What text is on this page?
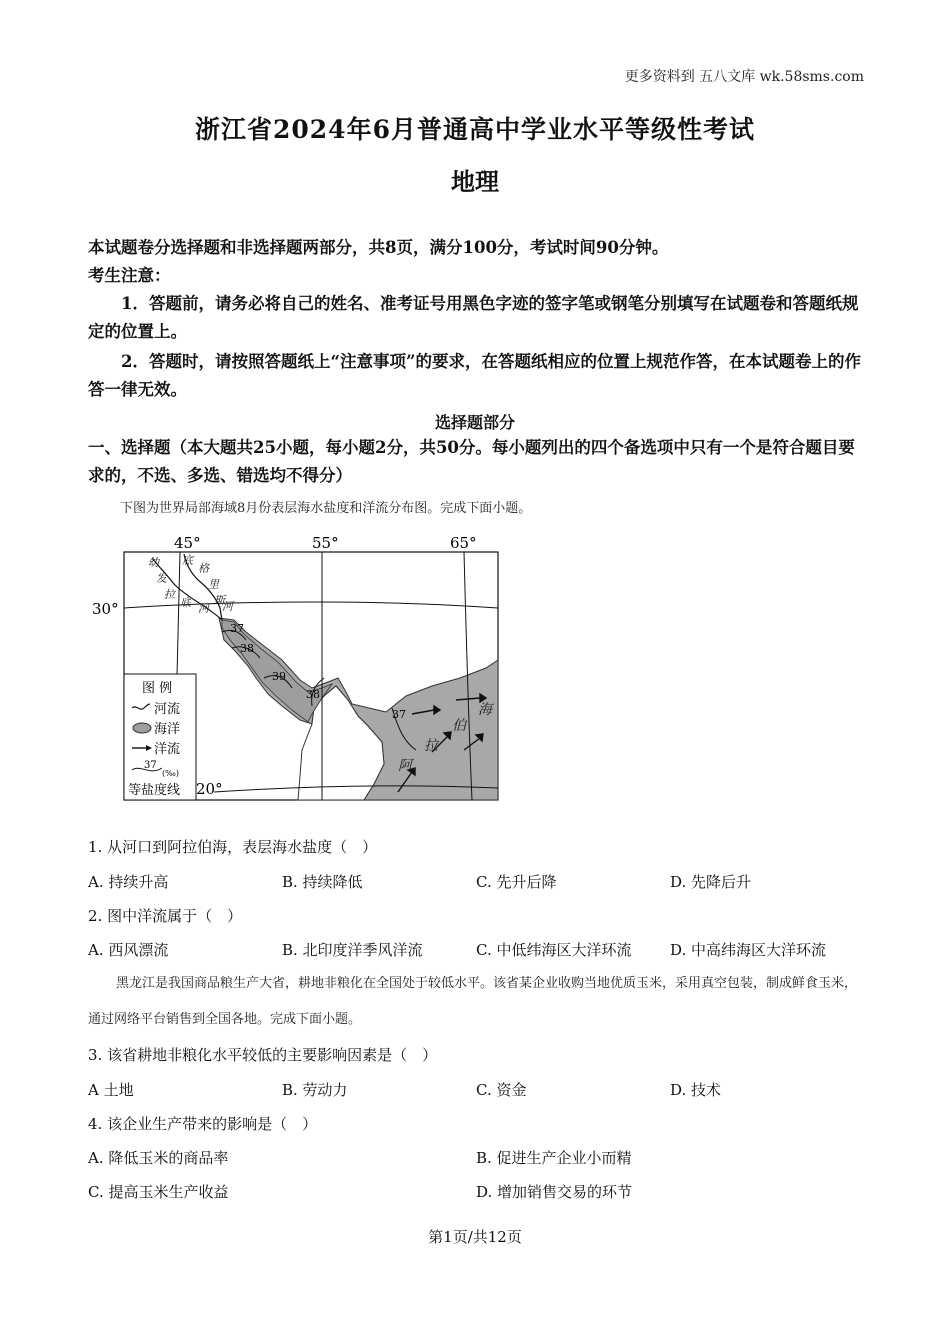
更多资料到 五八文库 wk.58sms.com
浙江省2024年6月普通高中学业水平等级性考试
地理
本试题卷分选择题和非选择题两部分，共8页，满分100分，考试时间90分钟。
考生注意：
1．答题前，请务必将自己的姓名、准考证号用黑色字迹的签字笔或钢笔分别填写在试题卷和答题纸规定的位置上。
2．答题时，请按照答题纸上“注意事项”的要求，在答题纸相应的位置上规范作答，在本试题卷上的作答一律无效。
选择题部分
一、选择题（本大题共25小题，每小题2分，共50分。每小题列出的四个备选项中只有一个是符合题目要求的，不选、多选、错选均不得分）
下图为世界局部海域8月份表层海水盐度和洋流分布图。完成下面小题。
37
38
39
38
37
45°	55°	65°
30°
20°
幼
发
拉
底 河
底
格
里
斯
河
阿
拉
伯
海
图 例
河流
海洋
洋流
37
(‰)
等盐度线
1. 从河口到阿拉伯海，表层海水盐度（　）
A. 持续升高	B. 持续降低	C. 先升后降	D. 先降后升
2. 图中洋流属于（　）
A. 西风漂流	B. 北印度洋季风洋流	C. 中低纬海区大洋环流	D. 中高纬海区大洋环流
黑龙江是我国商品粮生产大省，耕地非粮化在全国处于较低水平。该省某企业收购当地优质玉米，采用真空包装，制成鲜食玉米，通过网络平台销售到全国各地。完成下面小题。
3. 该省耕地非粮化水平较低的主要影响因素是（　）
A 土地	B. 劳动力	C. 资金	D. 技术
4. 该企业生产带来的影响是（　）
A. 降低玉米的商品率	B. 促进生产企业小而精
C. 提高玉米生产收益	D. 增加销售交易的环节
第1页/共12页
